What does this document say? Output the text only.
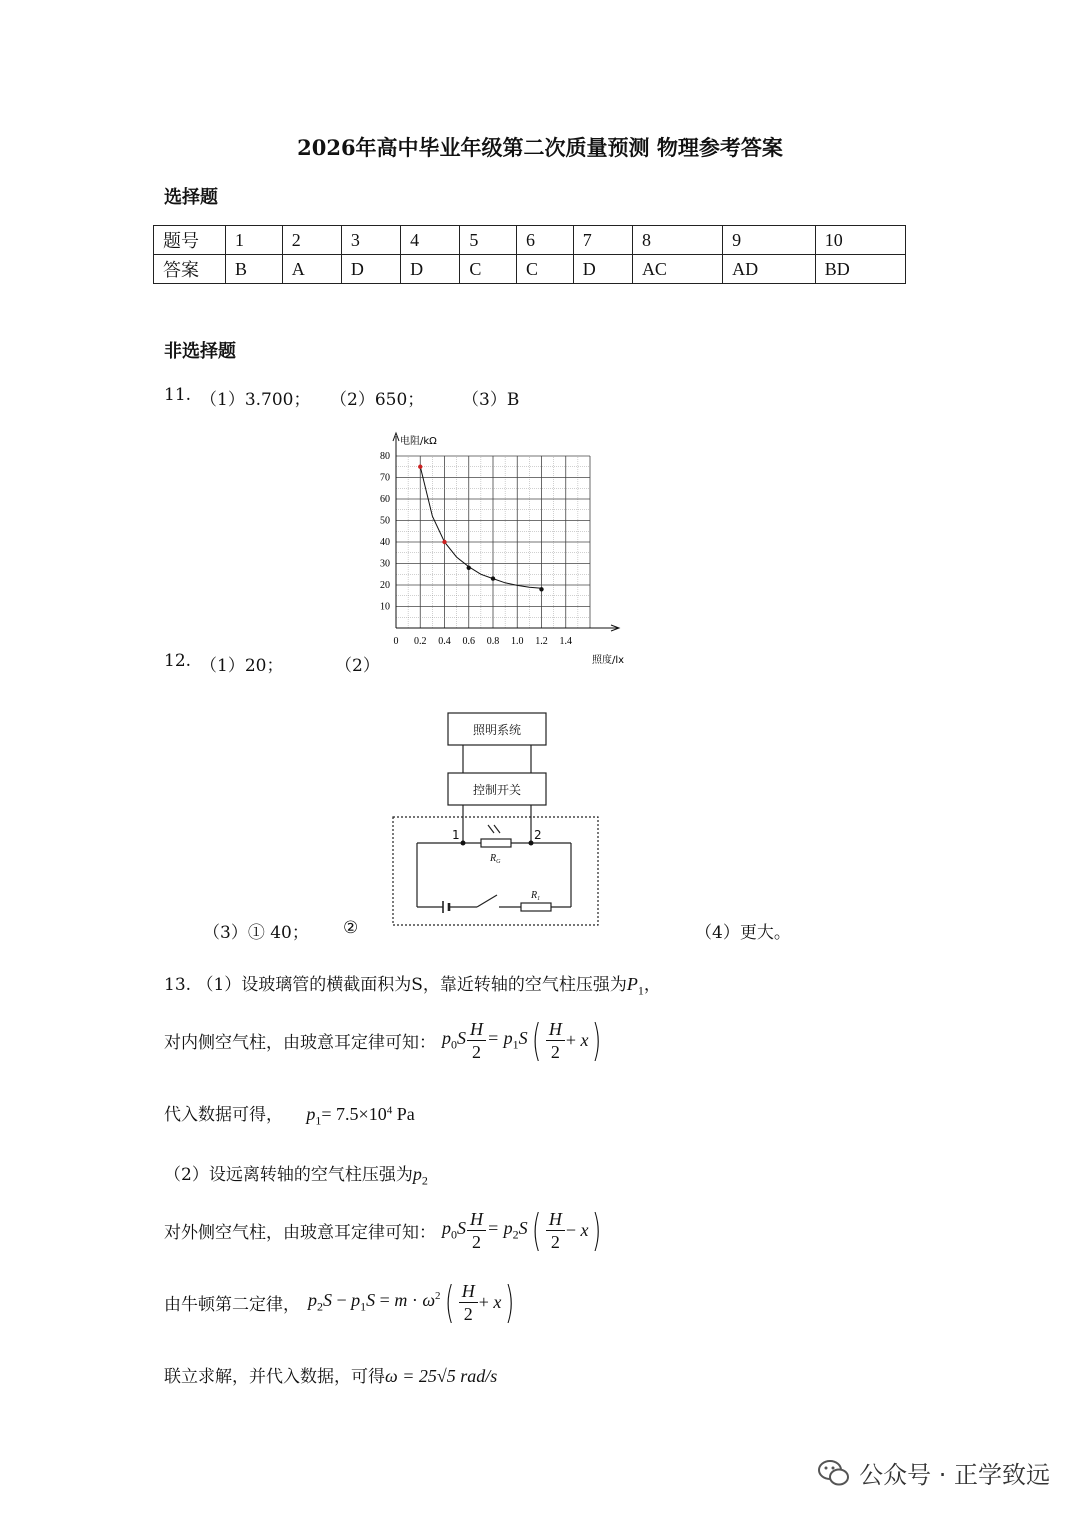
2026年高中毕业年级第二次质量预测 物理参考答案
选择题
题号	1	2	3	4	5	6	7	8	9	10
答案	B	A	D	D	C	C	D	AC	AD	BD
非选择题
11. （1）3.700； （2）650； （3）B
0 0.2 0.4 0.6 0.8 1.0 1.2 1.4
10
20
30
40
50
60
70
80
电阻/kΩ
照度/lx
12. （1）20；	（2）
照明系统
控制开关
1	2
$R_G$
$R_1$
（3）① 40； ②	（4）更大。
13. （1）设玻璃管的横截面积为S，靠近转轴的空气柱压强为$P_1$，
对内侧空气柱，由玻意耳定律可知： $p_0S \frac{H}{2} = p_1S$ ( $\frac{H}{2} + x$ )
代入数据可得， $p_1= 7.5\times 10^4$ Pa
（2）设远离转轴的空气柱压强为$p_2$
对外侧空气柱，由玻意耳定律可知： $p_0S \frac{H}{2} = p_2S$ ( $\frac{H}{2} - x$ )
由牛顿第二定律， $p_2S - p_1S = m \cdot \omega^2$ ( $\frac{H}{2} + x$ )
联立求解，并代入数据，可得ω = 25√5 rad/s
公众号 · 正学致远
